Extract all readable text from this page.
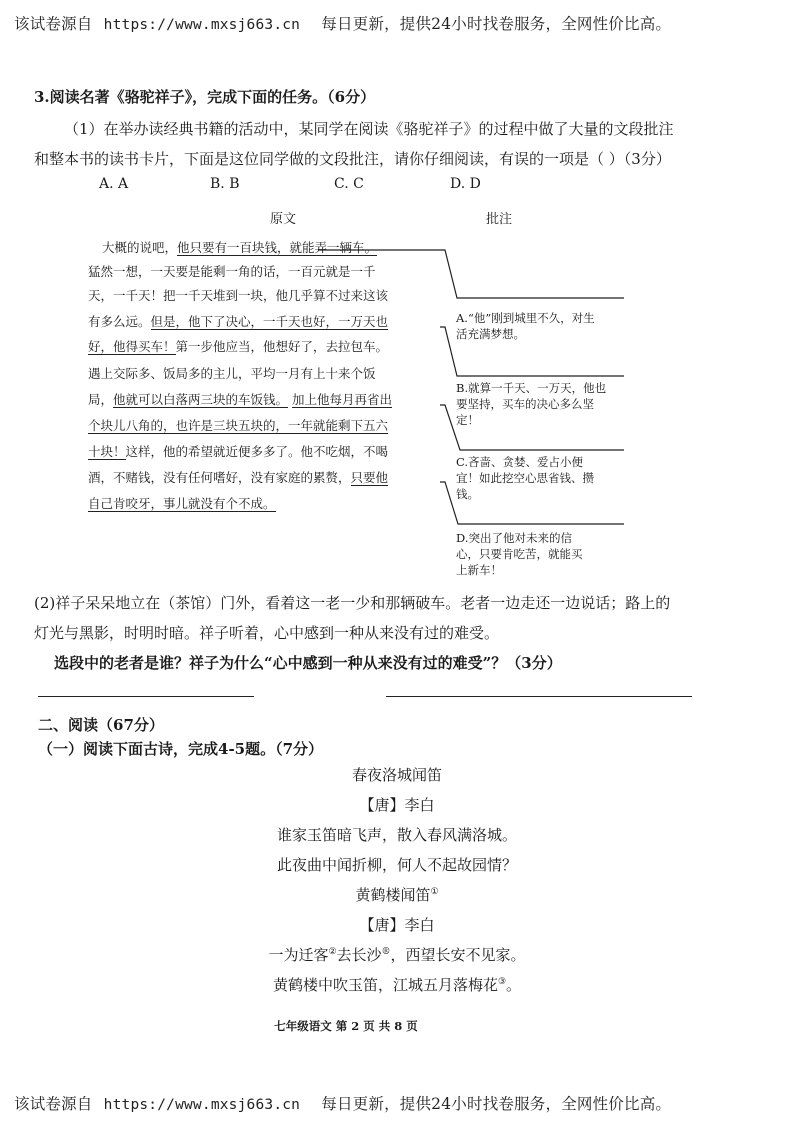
该试卷源自 https://www.mxsj663.cn 每日更新，提供24小时找卷服务，全网性价比高。
3.阅读名著《骆驼祥子》，完成下面的任务。（6分）
（1）在举办读经典书籍的活动中，某同学在阅读《骆驼祥子》的过程中做了大量的文段批注
和整本书的读书卡片，下面是这位同学做的文段批注，请你仔细阅读，有误的一项是（ ）（3分）
A. A	B. B	C. C	D. D
原文	批注
大概的说吧，他只要有一百块钱，就能弄一辆车。
猛然一想，一天要是能剩一角的话，一百元就是一千
天，一千天！把一千天堆到一块，他几乎算不过来这该
有多么远。但是，他下了决心，一千天也好，一万天也
好，他得买车！第一步他应当，他想好了，去拉包车。
遇上交际多、饭局多的主儿，平均一月有上十来个饭
局，他就可以白落两三块的车饭钱。 加上他每月再省出
个块儿八角的，也许是三块五块的，一年就能剩下五六
十块！这样，他的希望就近便多多了。他不吃烟，不喝
酒，不赌钱，没有任何嗜好，没有家庭的累赘，只要他
自己肯咬牙，事儿就没有个不成。
A.“他”刚到城里不久，对生活充满梦想。
B.就算一千天、一万天，他也要坚持，买车的决心多么坚定！
C.吝啬、贪婪、爱占小便宜！如此挖空心思省钱、攒钱。
D.突出了他对未来的信心，只要肯吃苦，就能买上新车！
(2)祥子呆呆地立在（茶馆）门外，看着这一老一少和那辆破车。老者一边走还一边说话；路上的
灯光与黑影，时明时暗。祥子听着，心中感到一种从来没有过的难受。
选段中的老者是谁？祥子为什么“心中感到一种从来没有过的难受”？（3分）
二、阅读（67分）
（一）阅读下面古诗，完成4-5题。（7分）
春夜洛城闻笛
【唐】李白
谁家玉笛暗飞声，散入春风满洛城。
此夜曲中闻折柳，何人不起故园情？
黄鹤楼闻笛①
【唐】李白
一为迁客②去长沙®，西望长安不见家。
黄鹤楼中吹玉笛，江城五月落梅花③。
七年级语文 第 2 页 共 8 页
该试卷源自 https://www.mxsj663.cn 每日更新，提供24小时找卷服务，全网性价比高。
